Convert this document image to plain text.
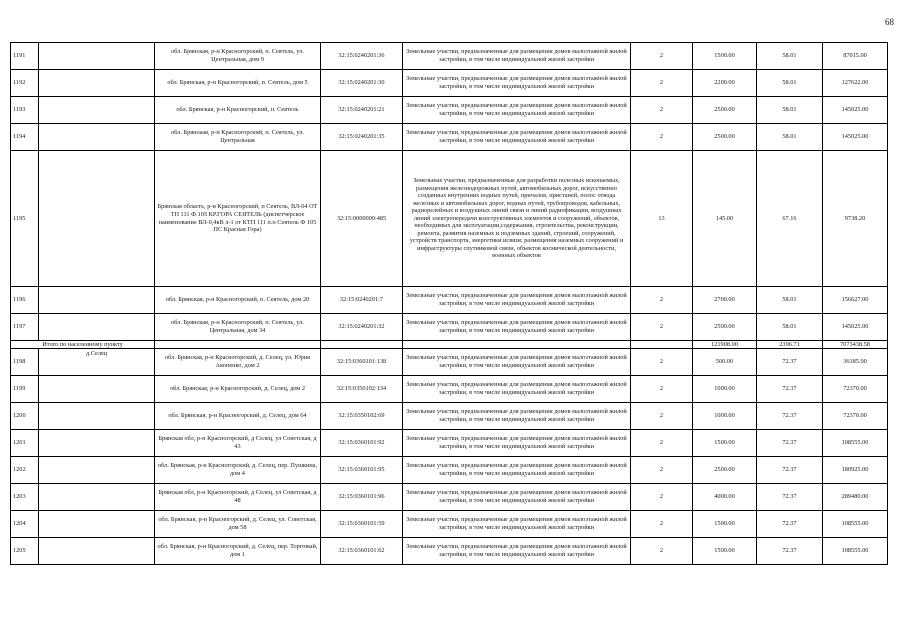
68
1191		обл. Брянская, р-н Красногорский, п. Сеятель, ул. Центральная, дом 9	32:15:0240201:36	Земельные участки, предназначенные для размещения домов малоэтажной жилой застройки, в том числе индивидуальной жилой застройки	2	1500.00	58.01	87015.00
1192		обл. Брянская, р-н Красногорский, п. Сеятель, дом 5	32:15:0240201:30	Земельные участки, предназначенные для размещения домов малоэтажной жилой застройки, в том числе индивидуальной жилой застройки	2	2200.00	58.01	127622.00
1193		обл. Брянская, р-н Красногорский, п. Сеятель	32:15:0240201:21	Земельные участки, предназначенные для размещения домов малоэтажной жилой застройки, в том числе индивидуальной жилой застройки	2	2500.00	58.01	145025.00
1194		обл. Брянская, р-н Красногорский, п. Сеятель, ул. Центральная	32:15:0240201:35	Земельные участки, предназначенные для размещения домов малоэтажной жилой застройки, в том числе индивидуальной жилой застройки	2	2500.00	58.01	145025.00
1195		Брянская область, р-н Красногорский, п Сеятель, ВЛ-04 ОТ ТП 111 Ф.105 КР.ГОРА СЕЯТЕЛЬ (диспетчерское наименование ВЛ-0,4кВ л-1 от КТП 111 п.п Сеятель Ф 105 ПС Красная Гора)	32:15:0000000:485	Земельные участки, предназначенные для разработки полезных ископаемых, размещения железнодорожных путей, автомобильных дорог, искусственно созданных внутренних водных путей, причалов, пристаней, полос отвода железных и автомобильных дорог, водных путей, трубопроводов, кабельных, радиорелейных и воздушных линий связи и линий радиофикации, воздушных линий электропередачи конструктивных элементов и сооружений, объектов, необходимых для эксплуатации,содержания, строительства, реконструкции, ремонта, развития наземных и подземных зданий, строений, сооружений, устройств транспорта, энергетики исвязи; размещения наземных сооружений и инфраструктуры спутниковой связи, объектов космической деятельности, военных объектов	13	145.00	67.16	9738.20
1196		обл. Брянская, р-н Красногорский, п. Сеятель, дом 20	32:15:0240201:7	Земельные участки, предназначенные для размещения домов малоэтажной жилой застройки, в том числе индивидуальной жилой застройки	2	2700.00	58.01	156627.00
1197		обл. Брянская, р-н Красногорский, п. Сеятель, ул. Центральная, дом 34	32:15:0240201:32	Земельные участки, предназначенные для размещения домов малоэтажной жилой застройки, в том числе индивидуальной жилой застройки	2	2500.00	58.01	145025.00
Итого по населенному пункту						121908.00	2396.71	7073438.58
1198		обл. Брянская, р-н Красногорский, д. Селец, ул. Юрия Акопенко, дом 2	32:15:0360101:138	Земельные участки, предназначенные для размещения домов малоэтажной жилой застройки, в том числе индивидуальной жилой застройки	2	500.00	72.37	36185.00
1199		обл. Брянская, р-н Красногорский, д. Селец, дом 2	32:15:0350102:134	Земельные участки, предназначенные для размещения домов малоэтажной жилой застройки, в том числе индивидуальной жилой застройки	2	1000.00	72.37	72370.00
1200		обл. Брянская, р-н Красногорский, д. Селец, дом 64	32:15:0350102:69	Земельные участки, предназначенные для размещения домов малоэтажной жилой застройки, в том числе индивидуальной жилой застройки	2	1000.00	72.37	72370.00
1201		Брянская обл, р-н Красногорский, д Селец, ул Советская, д 43	32:15:0360101:92	Земельные участки, предназначенные для размещения домов малоэтажной жилой застройки, в том числе индивидуальной жилой застройки	2	1500.00	72.37	108555.00
1202		обл. Брянская, р-н Красногорский, д. Селец, пер. Пушкина, дом 4	32:15:0360101:95	Земельные участки, предназначенные для размещения домов малоэтажной жилой застройки, в том числе индивидуальной жилой застройки	2	2500.00	72.37	180925.00
1203		Брянская обл, р-н Красногорский, д Селец, ул Советская, д 48	32:15:0360101:96	Земельные участки, предназначенные для размещения домов малоэтажной жилой застройки, в том числе индивидуальной жилой застройки	2	4000.00	72.37	289480.00
1204		обл. Брянская, р-н Красногорский, д. Селец, ул. Советская, дом 58	32:15:0360101:59	Земельные участки, предназначенные для размещения домов малоэтажной жилой застройки, в том числе индивидуальной жилой застройки	2	1500.00	72.37	108555.00
1205		обл. Брянская, р-н Красногорский, д. Селец, пер. Торговый, дом 1	32:15:0360101:62	Земельные участки, предназначенные для размещения домов малоэтажной жилой застройки, в том числе индивидуальной жилой застройки	2	1500.00	72.37	108555.00
д.Селец
